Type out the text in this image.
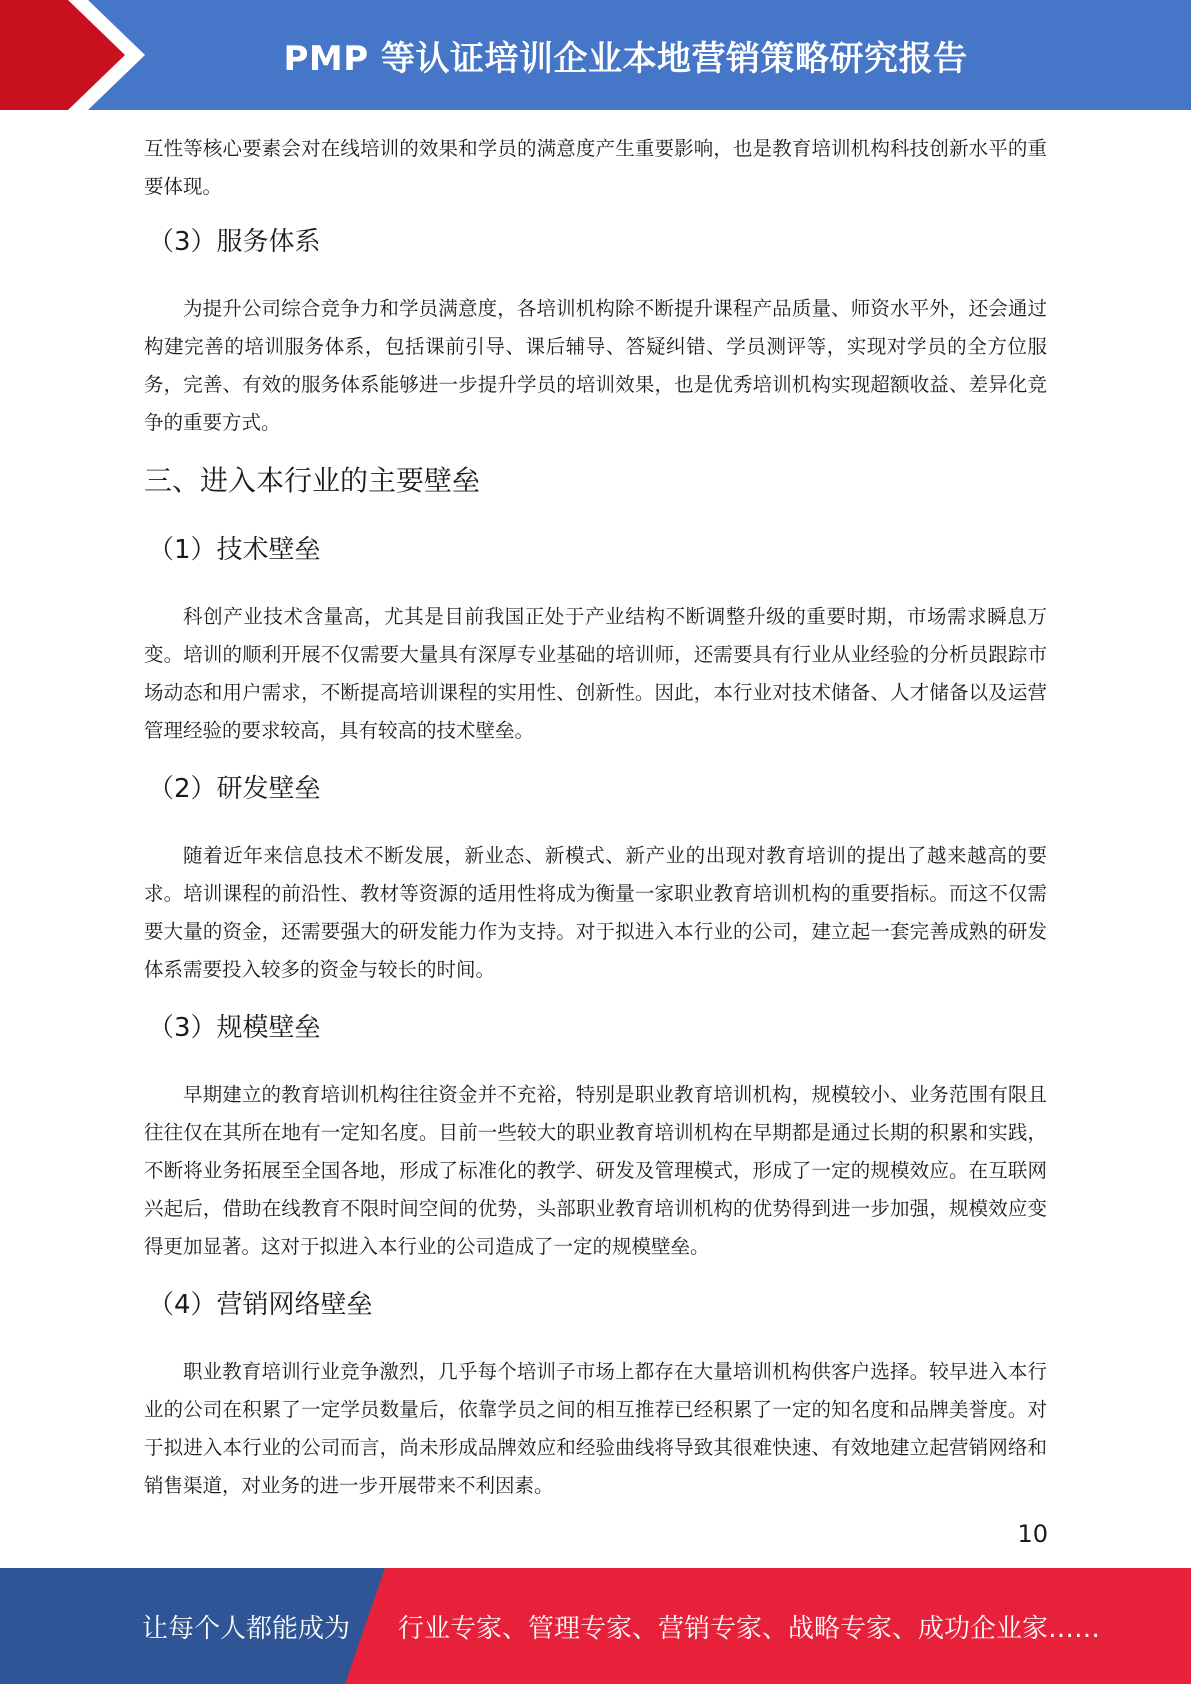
PMP 等认证培训企业本地营销策略研究报告

互性等核心要素会对在线培训的效果和学员的满意度产生重要影响，也是教育培训机构科技创新水平的重要体现。

（3）服务体系

为提升公司综合竞争力和学员满意度，各培训机构除不断提升课程产品质量、师资水平外，还会通过构建完善的培训服务体系，包括课前引导、课后辅导、答疑纠错、学员测评等，实现对学员的全方位服务，完善、有效的服务体系能够进一步提升学员的培训效果，也是优秀培训机构实现超额收益、差异化竞争的重要方式。

三、进入本行业的主要壁垒
（1）技术壁垒

科创产业技术含量高，尤其是目前我国正处于产业结构不断调整升级的重要时期，市场需求瞬息万变。培训的顺利开展不仅需要大量具有深厚专业基础的培训师，还需要具有行业从业经验的分析员跟踪市场动态和用户需求，不断提高培训课程的实用性、创新性。因此，本行业对技术储备、人才储备以及运营管理经验的要求较高，具有较高的技术壁垒。

（2）研发壁垒

随着近年来信息技术不断发展，新业态、新模式、新产业的出现对教育培训的提出了越来越高的要求。培训课程的前沿性、教材等资源的适用性将成为衡量一家职业教育培训机构的重要指标。而这不仅需要大量的资金，还需要强大的研发能力作为支持。对于拟进入本行业的公司，建立起一套完善成熟的研发体系需要投入较多的资金与较长的时间。

（3）规模壁垒

早期建立的教育培训机构往往资金并不充裕，特别是职业教育培训机构，规模较小、业务范围有限且往往仅在其所在地有一定知名度。目前一些较大的职业教育培训机构在早期都是通过长期的积累和实践，不断将业务拓展至全国各地，形成了标准化的教学、研发及管理模式，形成了一定的规模效应。在互联网兴起后，借助在线教育不限时间空间的优势，头部职业教育培训机构的优势得到进一步加强，规模效应变得更加显著。这对于拟进入本行业的公司造成了一定的规模壁垒。

（4）营销网络壁垒

职业教育培训行业竞争激烈，几乎每个培训子市场上都存在大量培训机构供客户选择。较早进入本行业的公司在积累了一定学员数量后，依靠学员之间的相互推荐已经积累了一定的知名度和品牌美誉度。对于拟进入本行业的公司而言，尚未形成品牌效应和经验曲线将导致其很难快速、有效地建立起营销网络和销售渠道，对业务的进一步开展带来不利因素。

10
让每个人都能成为 行业专家、管理专家、营销专家、战略专家、成功企业家……
